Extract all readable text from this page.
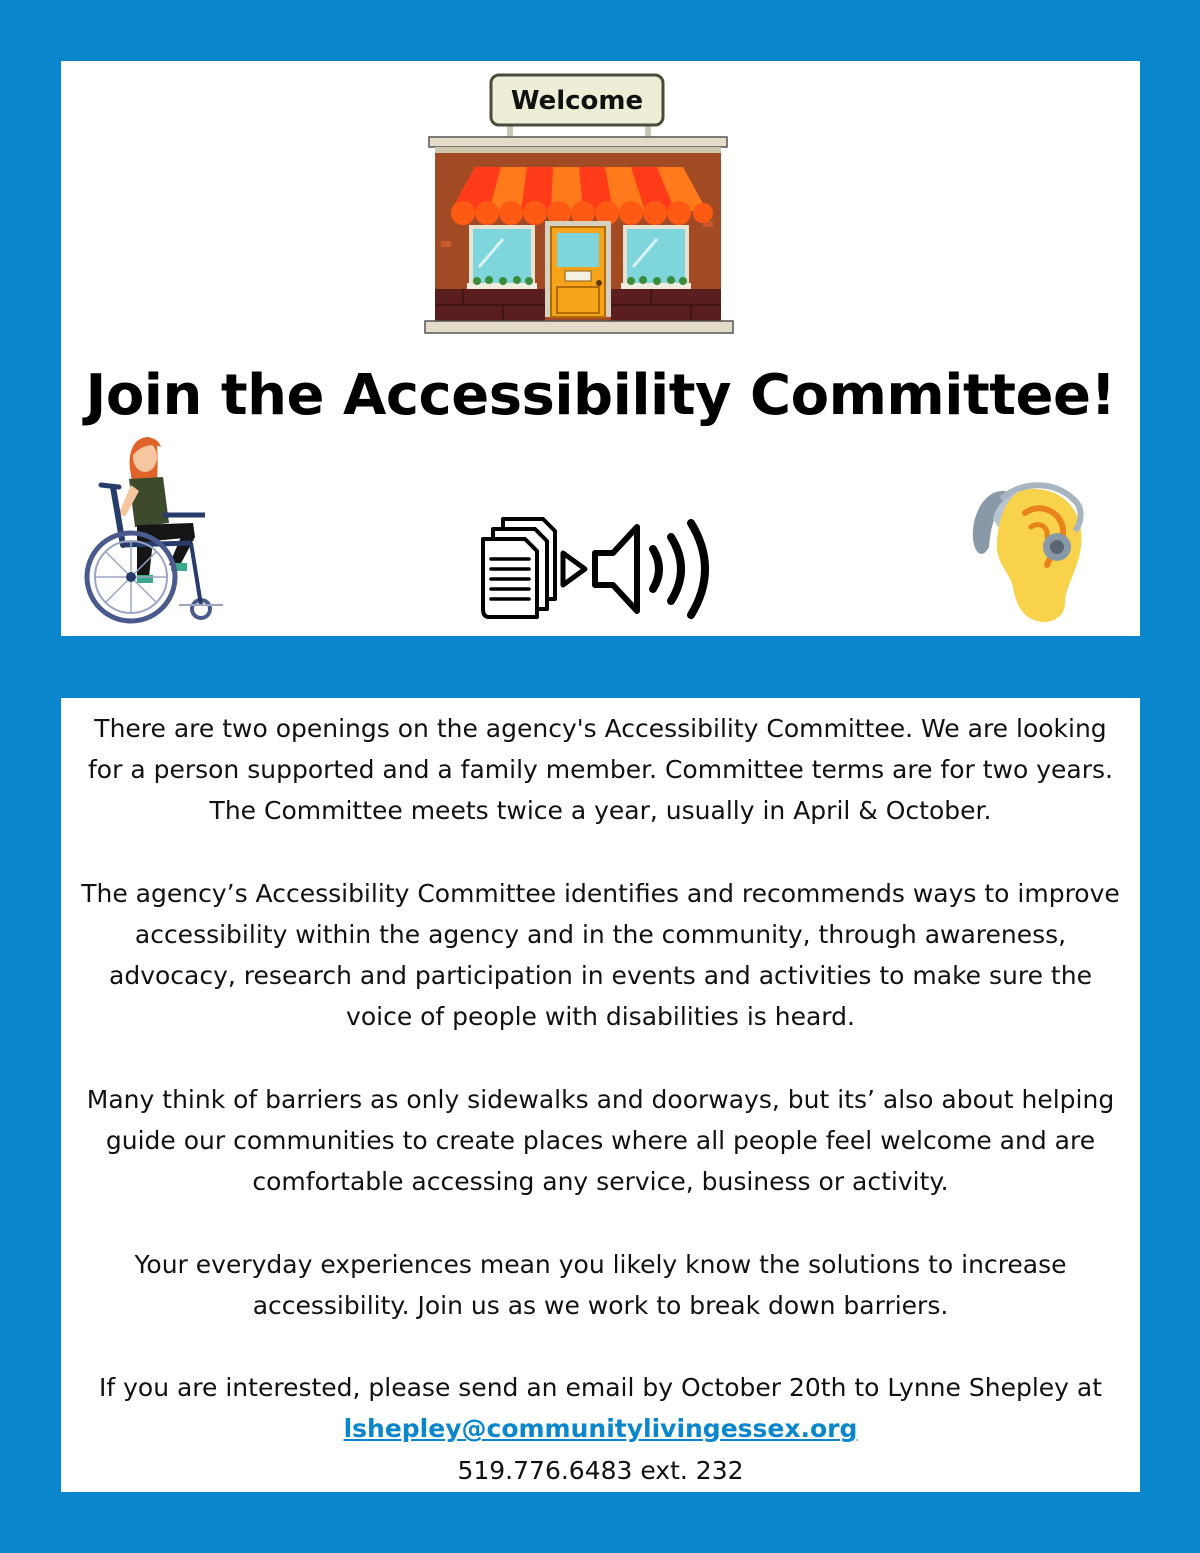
Welcome
Join the Accessibility Committee!

There are two openings on the agency's Accessibility Committee. We are looking
for a person supported and a family member. Committee terms are for two years.
The Committee meets twice a year, usually in April & October.

The agency’s Accessibility Committee identifies and recommends ways to improve
accessibility within the agency and in the community, through awareness,
advocacy, research and participation in events and activities to make sure the
voice of people with disabilities is heard.

Many think of barriers as only sidewalks and doorways, but its’ also about helping
guide our communities to create places where all people feel welcome and are
comfortable accessing any service, business or activity.

Your everyday experiences mean you likely know the solutions to increase
accessibility. Join us as we work to break down barriers.

If you are interested, please send an email by October 20th to Lynne Shepley at
lshepley@communitylivingessex.org
519.776.6483 ext. 232
